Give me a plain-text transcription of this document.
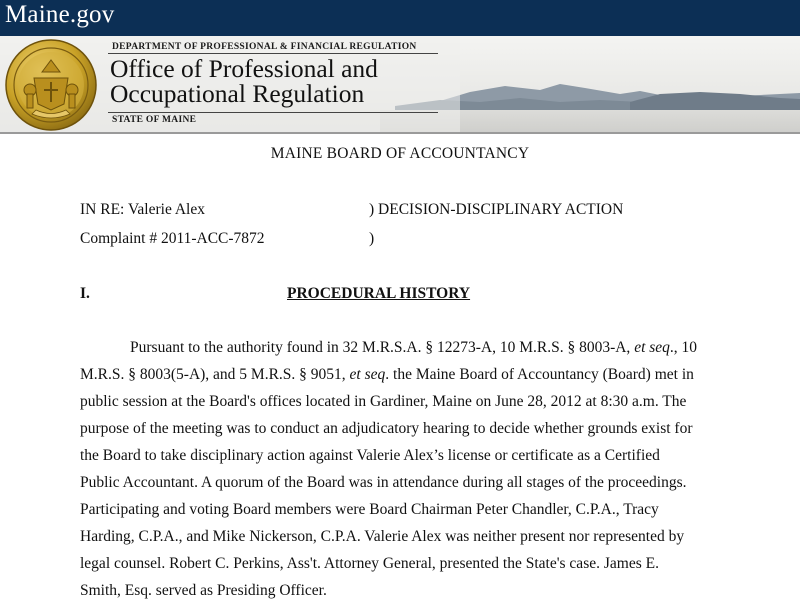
Maine.gov
DEPARTMENT OF PROFESSIONAL & FINANCIAL REGULATION
Office of Professional and
Occupational Regulation
STATE OF MAINE
MAINE BOARD OF ACCOUNTANCY
IN RE: Valerie Alex	) DECISION-DISCIPLINARY ACTION
Complaint # 2011-ACC-7872	)
I.	PROCEDURAL HISTORY
Pursuant to the authority found in 32 M.R.S.A. § 12273-A, 10 M.R.S. § 8003-A, et seq., 10
M.R.S. § 8003(5-A), and 5 M.R.S. § 9051, et seq. the Maine Board of Accountancy (Board) met in
public session at the Board's offices located in Gardiner, Maine on June 28, 2012 at 8:30 a.m. The
purpose of the meeting was to conduct an adjudicatory hearing to decide whether grounds exist for
the Board to take disciplinary action against Valerie Alex’s license or certificate as a Certified
Public Accountant. A quorum of the Board was in attendance during all stages of the proceedings.
Participating and voting Board members were Board Chairman Peter Chandler, C.P.A., Tracy
Harding, C.P.A., and Mike Nickerson, C.P.A. Valerie Alex was neither present nor represented by
legal counsel. Robert C. Perkins, Ass't. Attorney General, presented the State's case. James E.
Smith, Esq. served as Presiding Officer.
